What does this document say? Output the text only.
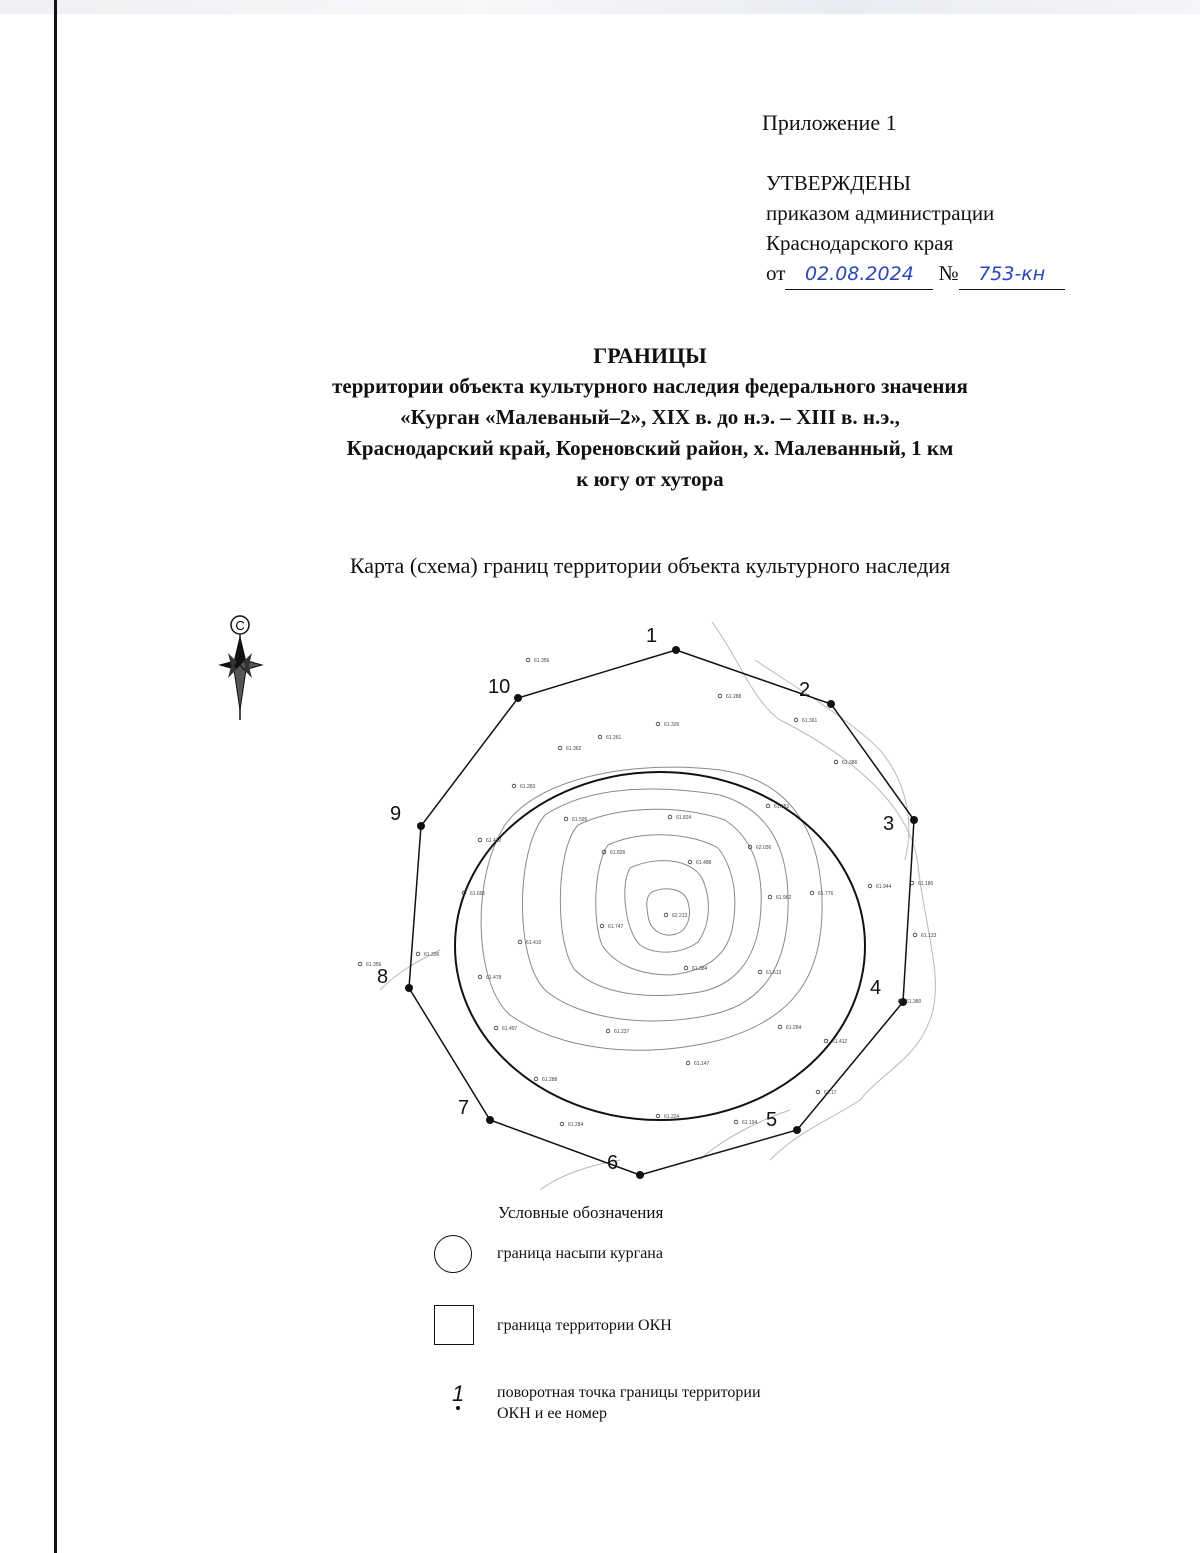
Приложение 1
УТВЕРЖДЕНЫ
приказом администрации
Краснодарского края
от 02.08.2024 № 753-кн
ГРАНИЦЫ
территории объекта культурного наследия федерального значения
«Курган «Малеваный–2», XIX в. до н.э. – XIII в. н.э.,
Краснодарский край, Кореновский район, х. Малеванный, 1 км
к югу от хутора
Карта (схема) границ территории объекта культурного наследия
1
2
3
4
5
6
7
8
9
10
61.356
61.288
61.361
61.326
61.261
61.362
61.283
61.386
61.651
61.595	61.824
61.826
62.036
61.488
61.432
61.691	61.776
61.962
61.944	61.180
61.133
62.213
61.747
61.410
61.336
61.356
61.478
61.384
61.613
61.497	61.237
61.147
61.284
61.412
61.288
61.284
61.224
61.194
61.17
61.380
С
Условные обозначения
граница насыпи кургана
граница территории ОКН
1 поворотная точка границы территории
ОКН и ее номер
